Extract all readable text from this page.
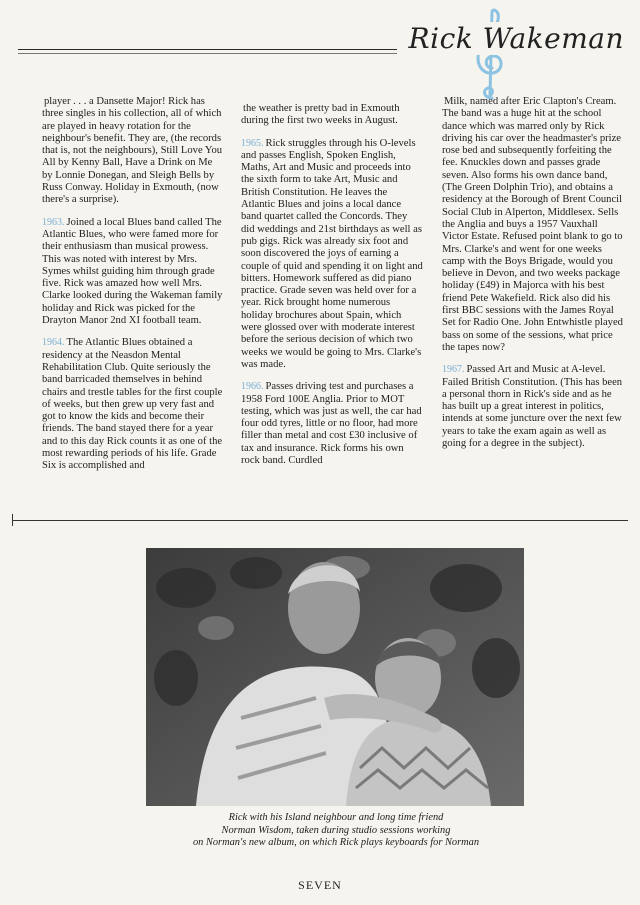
Rick Wakeman

player . . . a Dansette Major! Rick has three singles in his collection, all of which are played in heavy rotation for the neighbour's benefit. They are, (the records that is, not the neighbours), Still Love You All by Kenny Ball, Have a Drink on Me by Lonnie Donegan, and Sleigh Bells by Russ Conway. Holiday in Exmouth, (now there's a surprise).

1963. Joined a local Blues band called The Atlantic Blues, who were famed more for their enthusiasm than musical prowess. This was noted with interest by Mrs. Symes whilst guiding him through grade five. Rick was amazed how well Mrs. Clarke looked during the Wakeman family holiday and Rick was picked for the Drayton Manor 2nd XI football team.

1964. The Atlantic Blues obtained a residency at the Neasdon Mental Rehabilitation Club. Quite seriously the band barricaded themselves in behind chairs and trestle tables for the first couple of weeks, but then grew up very fast and got to know the kids and become their friends. The band stayed there for a year and to this day Rick counts it as one of the most rewarding periods of his life. Grade Six is accomplished and

the weather is pretty bad in Exmouth during the first two weeks in August.

1965. Rick struggles through his O-levels and passes English, Spoken English, Maths, Art and Music and proceeds into the sixth form to take Art, Music and British Constitution. He leaves the Atlantic Blues and joins a local dance band quartet called the Concords. They did weddings and 21st birthdays as well as pub gigs. Rick was already six foot and soon discovered the joys of earning a couple of quid and spending it on light and bitters. Homework suffered as did piano practice. Grade seven was held over for a year. Rick brought home numerous holiday brochures about Spain, which were glossed over with moderate interest before the serious decision of which two weeks we would be going to Mrs. Clarke's was made.

1966. Passes driving test and purchases a 1958 Ford 100E Anglia. Prior to MOT testing, which was just as well, the car had four odd tyres, little or no floor, had more filler than metal and cost £30 inclusive of tax and insurance. Rick forms his own rock band. Curdled

Milk, named after Eric Clapton's Cream. The band was a huge hit at the school dance which was marred only by Rick driving his car over the headmaster's prize rose bed and subsequently forfeiting the fee. Knuckles down and passes grade seven. Also forms his own dance band, (The Green Dolphin Trio), and obtains a residency at the Borough of Brent Council Social Club in Alperton, Middlesex. Sells the Anglia and buys a 1957 Vauxhall Victor Estate. Refused point blank to go to Mrs. Clarke's and went for one weeks camp with the Boys Brigade, would you believe in Devon, and two weeks package holiday (£49) in Majorca with his best friend Pete Wakefield. Rick also did his first BBC sessions with the James Royal Set for Radio One. John Entwhistle played bass on some of the sessions, what price the tapes now?

1967. Passed Art and Music at A-level. Failed British Constitution. (This has been a personal thorn in Rick's side and as he has built up a great interest in politics, intends at some juncture over the next few years to take the exam again as well as going for a degree in the subject).

Rick with his Island neighbour and long time friend
Norman Wisdom, taken during studio sessions working
on Norman's new album, on which Rick plays keyboards for Norman
SEVEN
